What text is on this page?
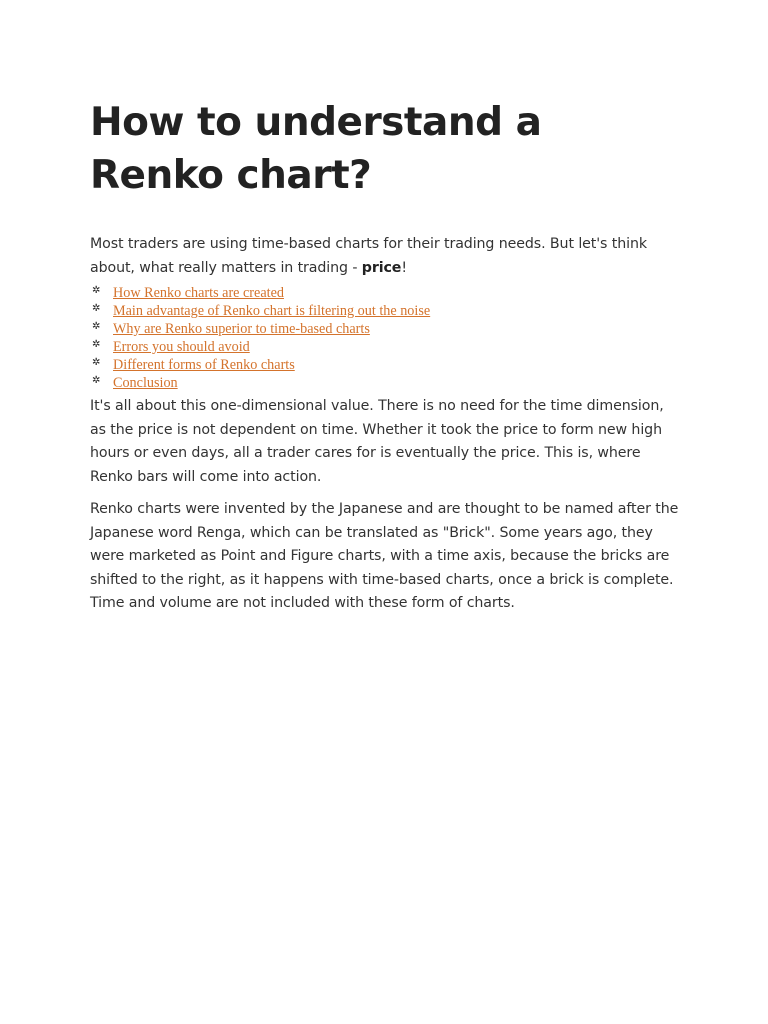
How to understand a Renko chart?

Most traders are using time-based charts for their trading needs. But let's think about, what really matters in trading - price!

✲ How Renko charts are created
✲ Main advantage of Renko chart is filtering out the noise
✲ Why are Renko superior to time-based charts
✲ Errors you should avoid
✲ Different forms of Renko charts
✲ Conclusion

It's all about this one-dimensional value. There is no need for the time dimension, as the price is not dependent on time. Whether it took the price to form new high hours or even days, all a trader cares for is eventually the price. This is, where Renko bars will come into action.

Renko charts were invented by the Japanese and are thought to be named after the Japanese word Renga, which can be translated as "Brick". Some years ago, they were marketed as Point and Figure charts, with a time axis, because the bricks are shifted to the right, as it happens with time-based charts, once a brick is complete. Time and volume are not included with these form of charts.
